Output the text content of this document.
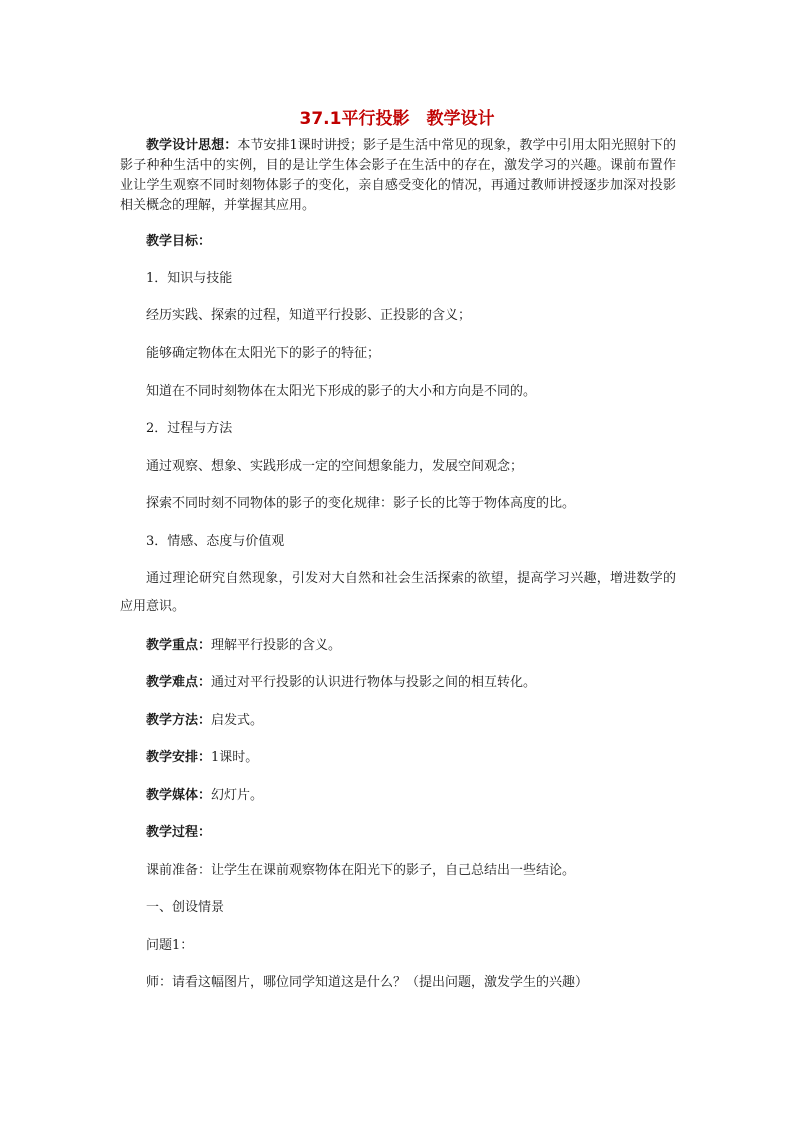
37.1平行投影　教学设计
教学设计思想：本节安排1课时讲授；影子是生活中常见的现象，教学中引用太阳光照射下的影子种种生活中的实例，目的是让学生体会影子在生活中的存在，激发学习的兴趣。课前布置作业让学生观察不同时刻物体影子的变化，亲自感受变化的情况，再通过教师讲授逐步加深对投影相关概念的理解，并掌握其应用。
教学目标：
1．知识与技能
经历实践、探索的过程，知道平行投影、正投影的含义；
能够确定物体在太阳光下的影子的特征；
知道在不同时刻物体在太阳光下形成的影子的大小和方向是不同的。
2．过程与方法
通过观察、想象、实践形成一定的空间想象能力，发展空间观念；
探索不同时刻不同物体的影子的变化规律：影子长的比等于物体高度的比。
3．情感、态度与价值观
通过理论研究自然现象，引发对大自然和社会生活探索的欲望，提高学习兴趣，增进数学的应用意识。
教学重点：理解平行投影的含义。
教学难点：通过对平行投影的认识进行物体与投影之间的相互转化。
教学方法：启发式。
教学安排：1课时。
教学媒体：幻灯片。
教学过程：
课前准备：让学生在课前观察物体在阳光下的影子，自己总结出一些结论。
一、创设情景
问题1：
师：请看这幅图片，哪位同学知道这是什么？（提出问题，激发学生的兴趣）
